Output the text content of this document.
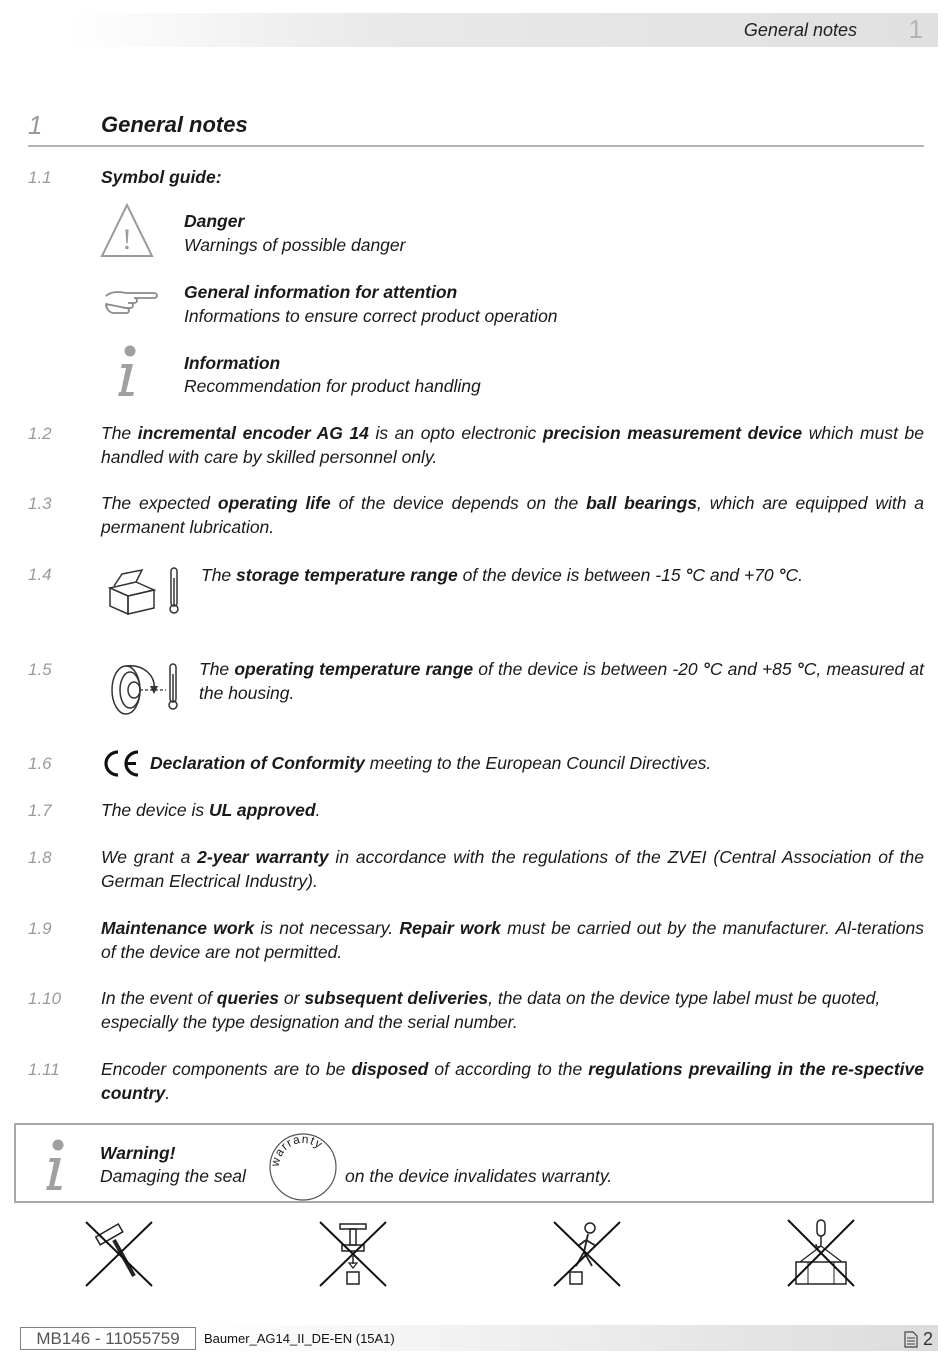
General notes 1
1	General notes
1.1	Symbol guide:
!
Danger
Warnings of possible danger
General information for attention
Informations to ensure correct product operation
Information
Recommendation for product handling
1.2	The incremental encoder AG 14 is an opto electronic precision measurement device which must be handled with care by skilled personnel only.
1.3	The expected operating life of the device depends on the ball bearings, which are equipped with a permanent lubrication.
1.4	The storage temperature range of the device is between -15 °C and +70 °C.
1.5	The operating temperature range of the device is between -20 °C and +85 °C, measured at the housing.
1.6	Declaration of Conformity meeting to the European Council Directives.
1.7	The device is UL approved.
1.8	We grant a 2-year warranty in accordance with the regulations of the ZVEI (Central Association of the German Electrical Industry).
1.9	Maintenance work is not necessary. Repair work must be carried out by the manufacturer. Al-terations of the device are not permitted.
1.10 In the event of queries or subsequent deliveries, the data on the device type label must be quoted, especially the type designation and the serial number.
1.11 Encoder components are to be disposed of according to the regulations prevailing in the re-spective country.
Warning!
Damaging the seal
warranty
on the device invalidates warranty.
MB146 - 11055759	Baumer_AG14_II_DE-EN (15A1)	2
